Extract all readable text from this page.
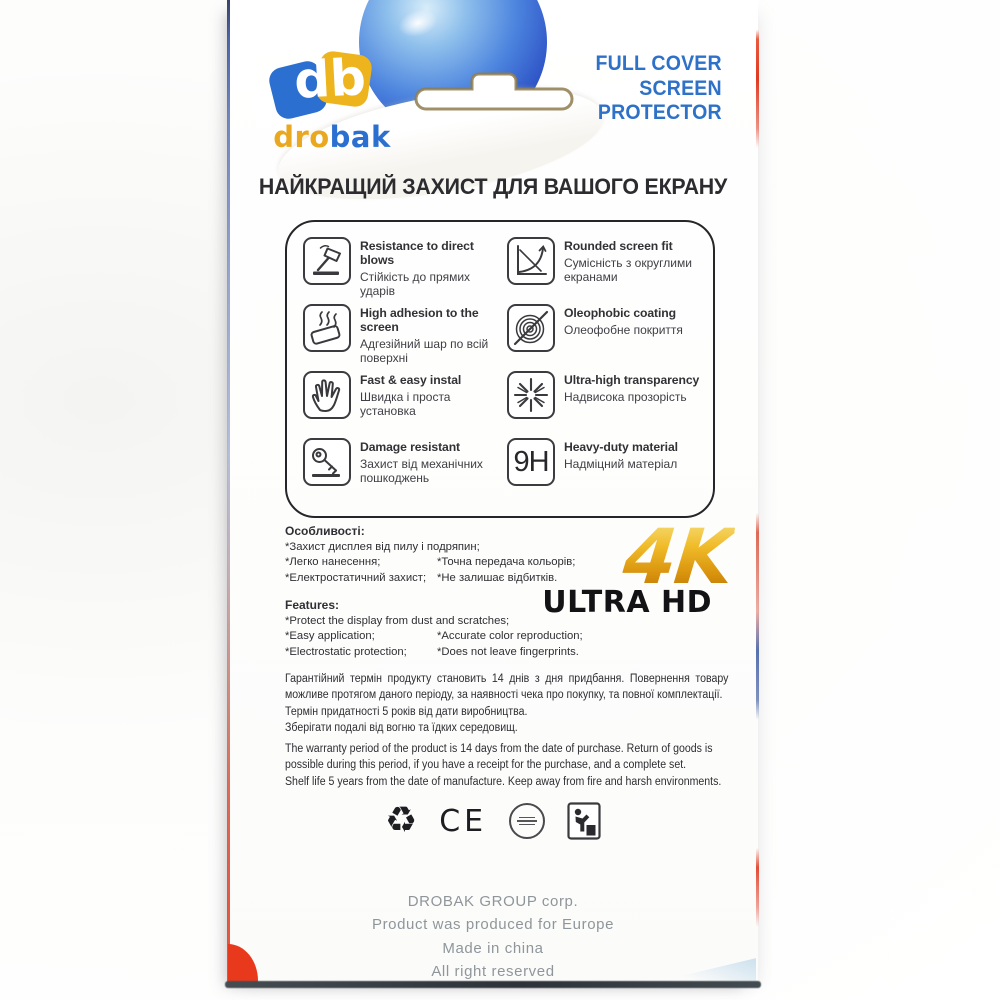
db
drobak
FULL COVER
SCREEN
PROTECTOR
НАЙКРАЩИЙ ЗАХИСТ ДЛЯ ВАШОГО ЕКРАНУ
Resistance to direct blows
Стійкість до прямих ударів
Rounded screen fit
Сумісність з округлими екранами
High adhesion to the screen
Адгезійний шар по всій поверхні
Oleophobic coating
Олеофобне покриття
Fast & easy instal
Швидка і проста установка
Ultra-high transparency
Надвисока прозорість
Damage resistant
Захист від механічних пошкоджень
9H Heavy-duty material
Надміцний матеріал
Особливості:
*Захист дисплея від пилу і подряпин;
*Легко нанесення;	*Точна передача кольорів;
*Електростатичний захист; *Не залишає відбитків. 4K
ULTRA HD
Features:
*Protect the display from dust and scratches;
*Easy application;	*Accurate color reproduction;
*Electrostatic protection;	*Does not leave fingerprints.

Гарантійний термін продукту становить 14 днів з дня придбання. Повернення товару можливе протягом даного періоду, за наявності чека про покупку, та повної комплектації.

Термін придатності 5 років від дати виробництва.

Зберігати подалі від вогню та їдких середовищ.

The warranty period of the product is 14 days from the date of purchase. Return of goods is possible during this period, if you have a receipt for the purchase, and a complete set.

Shelf life 5 years from the date of manufacture. Keep away from fire and harsh environments.

♻ CE
DROBAK GROUP corp.
Product was produced for Europe
Made in china
All right reserved
